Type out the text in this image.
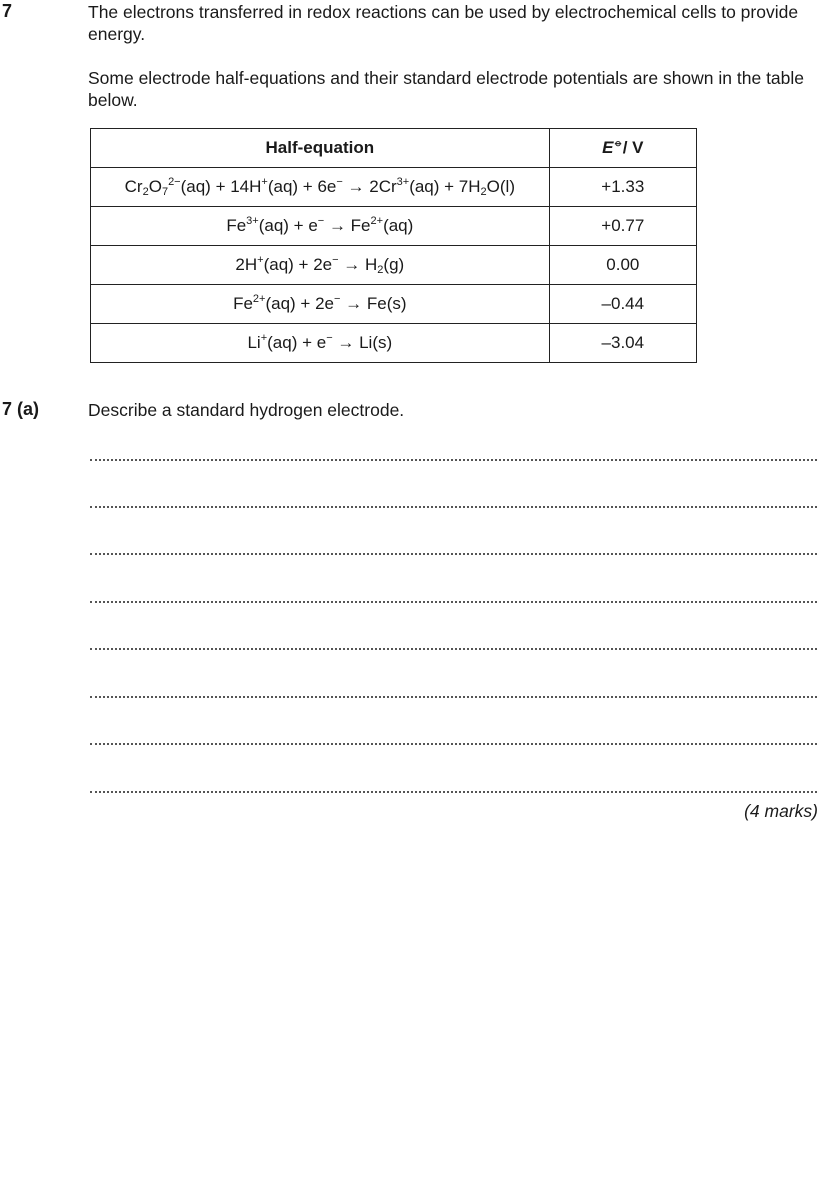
7	The electrons transferred in redox reactions can be used by electrochemical cells to provide energy.
Some electrode half-equations and their standard electrode potentials are shown in the table below.
Half-equation	E⦵/ V
$Cr_2O_7^{2-}(aq) + 14H^+(aq) + 6e^- \to 2Cr^{3+}(aq) + 7H_2O(l)$	+1.33
$Fe^{3+}(aq) + e^- \to Fe^{2+}(aq)$	+0.77
$2H^+(aq) + 2e^- \to H_2(g)$	0.00
$Fe^{2+}(aq) + 2e^- \to Fe(s)$	–0.44
Li+(aq) + e− → Li(s)	–3.04
7 (a)	Describe a standard hydrogen electrode.
(4 marks)
